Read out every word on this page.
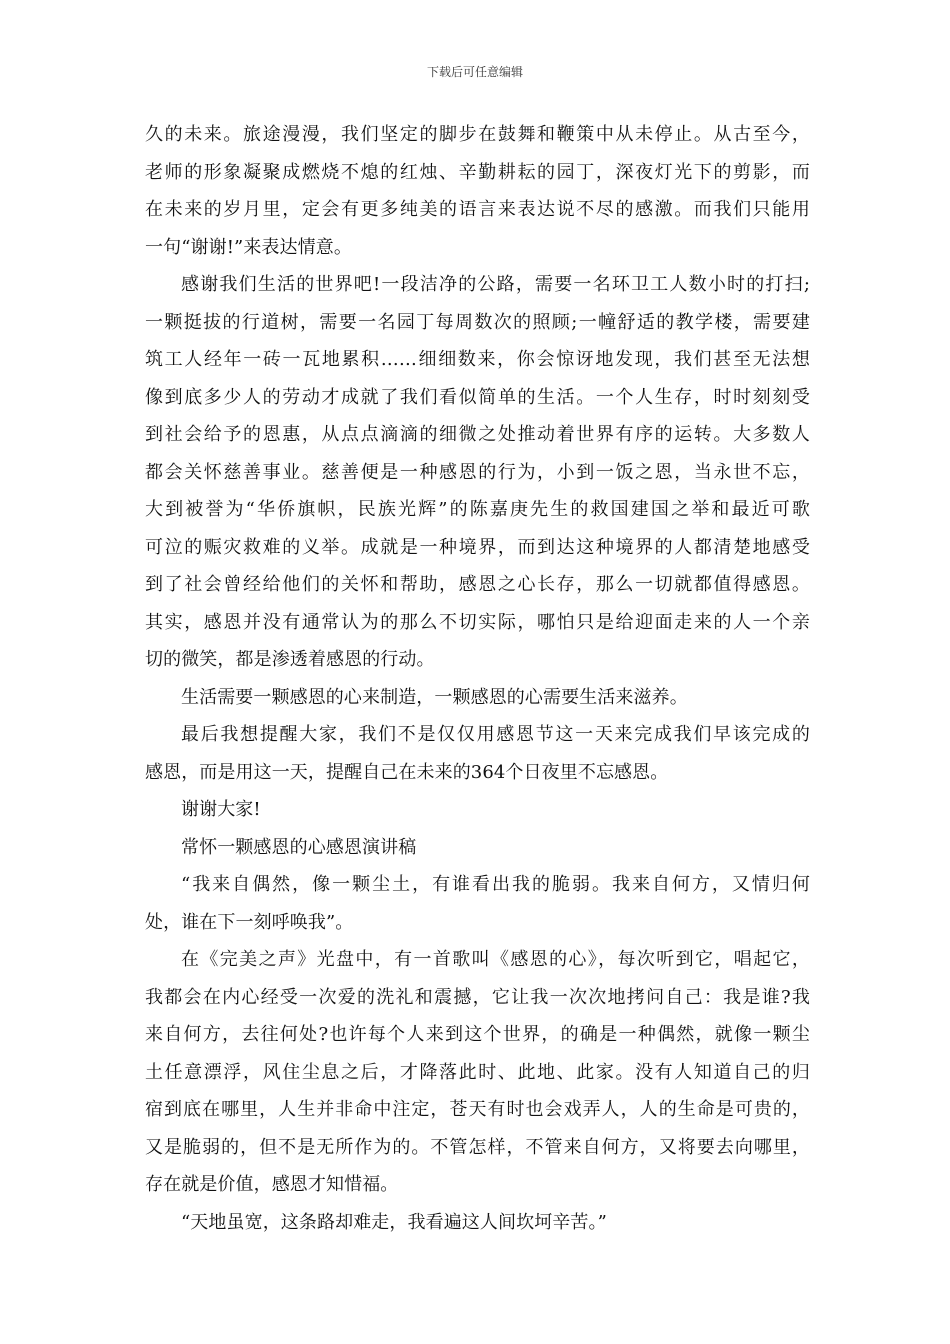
下载后可任意编辑
久的未来。旅途漫漫，我们坚定的脚步在鼓舞和鞭策中从未停止。从古至今，
老师的形象凝聚成燃烧不熄的红烛、辛勤耕耘的园丁，深夜灯光下的剪影，而
在未来的岁月里，定会有更多纯美的语言来表达说不尽的感激。而我们只能用
一句“谢谢!”来表达情意。
感谢我们生活的世界吧!一段洁净的公路，需要一名环卫工人数小时的打扫;
一颗挺拔的行道树，需要一名园丁每周数次的照顾;一幢舒适的教学楼，需要建
筑工人经年一砖一瓦地累积……细细数来，你会惊讶地发现，我们甚至无法想
像到底多少人的劳动才成就了我们看似简单的生活。一个人生存，时时刻刻受
到社会给予的恩惠，从点点滴滴的细微之处推动着世界有序的运转。大多数人
都会关怀慈善事业。慈善便是一种感恩的行为，小到一饭之恩，当永世不忘，
大到被誉为“华侨旗帜，民族光辉”的陈嘉庚先生的救国建国之举和最近可歌
可泣的赈灾救难的义举。成就是一种境界，而到达这种境界的人都清楚地感受
到了社会曾经给他们的关怀和帮助，感恩之心长存，那么一切就都值得感恩。
其实，感恩并没有通常认为的那么不切实际，哪怕只是给迎面走来的人一个亲
切的微笑，都是渗透着感恩的行动。
生活需要一颗感恩的心来制造，一颗感恩的心需要生活来滋养。
最后我想提醒大家，我们不是仅仅用感恩节这一天来完成我们早该完成的
感恩，而是用这一天，提醒自己在未来的364个日夜里不忘感恩。
谢谢大家!
常怀一颗感恩的心感恩演讲稿
“我来自偶然，像一颗尘土，有谁看出我的脆弱。我来自何方，又情归何
处，谁在下一刻呼唤我”。
在《完美之声》光盘中，有一首歌叫《感恩的心》，每次听到它，唱起它，
我都会在内心经受一次爱的洗礼和震撼，它让我一次次地拷问自己：我是谁?我
来自何方，去往何处?也许每个人来到这个世界，的确是一种偶然，就像一颗尘
土任意漂浮，风住尘息之后，才降落此时、此地、此家。没有人知道自己的归
宿到底在哪里，人生并非命中注定，苍天有时也会戏弄人，人的生命是可贵的，
又是脆弱的，但不是无所作为的。不管怎样，不管来自何方，又将要去向哪里，
存在就是价值，感恩才知惜福。
“天地虽宽，这条路却难走，我看遍这人间坎坷辛苦。”
